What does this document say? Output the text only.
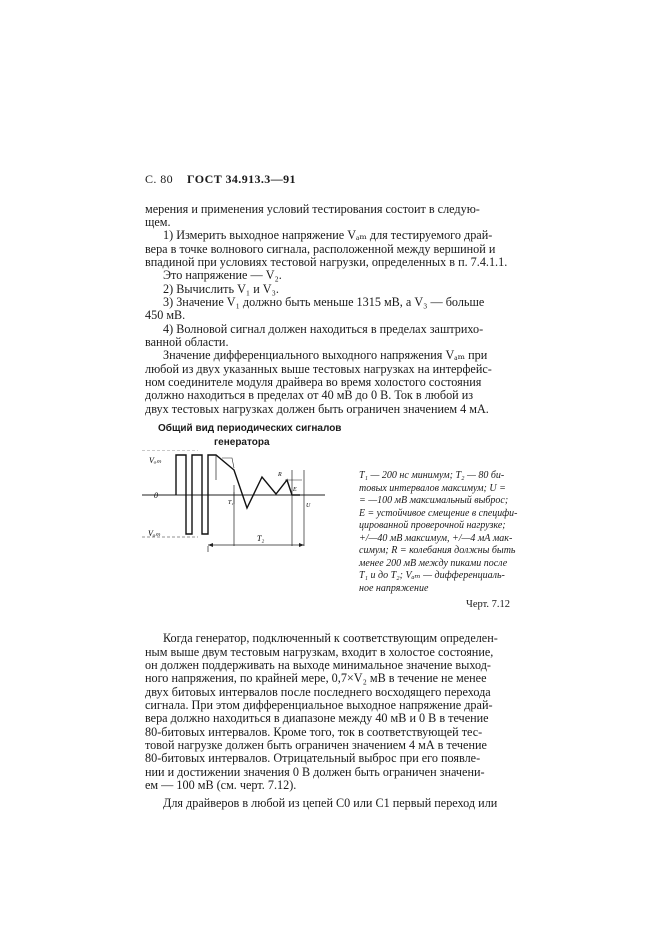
С. 80 ГОСТ 34.913.3—91
мерения и применения условий тестирования состоит в следую-
щем.
1) Измерить выходное напряжение Vₐₘ для тестируемого драй-
вера в точке волнового сигнала, расположенной между вершиной и
впадиной при условиях тестовой нагрузки, определенных в п. 7.4.1.1.
Это напряжение — V₂.
2) Вычислить V₁ и V₃.
3) Значение V₁ должно быть меньше 1315 мВ, а V₃ — больше
450 мВ.
4) Волновой сигнал должен находиться в пределах заштрихо-
ванной области.
Значение дифференциального выходного напряжения Vₐₘ при
любой из двух указанных выше тестовых нагрузках на интерфейс-
ном соединителе модуля драйвера во время холостого состояния
должно находиться в пределах от 40 мВ до 0 В. Ток в любой из
двух тестовых нагрузках должен быть ограничен значением 4 мА.
Общий вид периодических сигналов
генератора
Vₐₘ
0
Vₐₘ
T₂
T₁
E
U
R	T₁ — 200 нс минимум; T₂ — 80 би-
товых интервалов максимум; U =
= —100 мВ максимальный выброс;
E = устойчивое смещение в специфи-
цированной проверочной нагрузке;
+/—40 мВ максимум, +/—4 мА мак-
симум; R = колебания должны быть
менее 200 мВ между пиками после
T₁ и до T₂; Vₐₘ — дифференциаль-
ное напряжение
Черт. 7.12
Когда генератор, подключенный к соответствующим определен-
ным выше двум тестовым нагрузкам, входит в холостое состояние,
он должен поддерживать на выходе минимальное значение выход-
ного напряжения, по крайней мере, 0,7×V₂ мВ в течение не менее
двух битовых интервалов после последнего восходящего перехода
сигнала. При этом дифференциальное выходное напряжение драй-
вера должно находиться в диапазоне между 40 мВ и 0 В в течение
80-битовых интервалов. Кроме того, ток в соответствующей тес-
товой нагрузке должен быть ограничен значением 4 мА в течение
80-битовых интервалов. Отрицательный выброс при его появле-
нии и достижении значения 0 В должен быть ограничен значени-
ем — 100 мВ (см. черт. 7.12).
Для драйверов в любой из цепей С0 или С1 первый переход или
